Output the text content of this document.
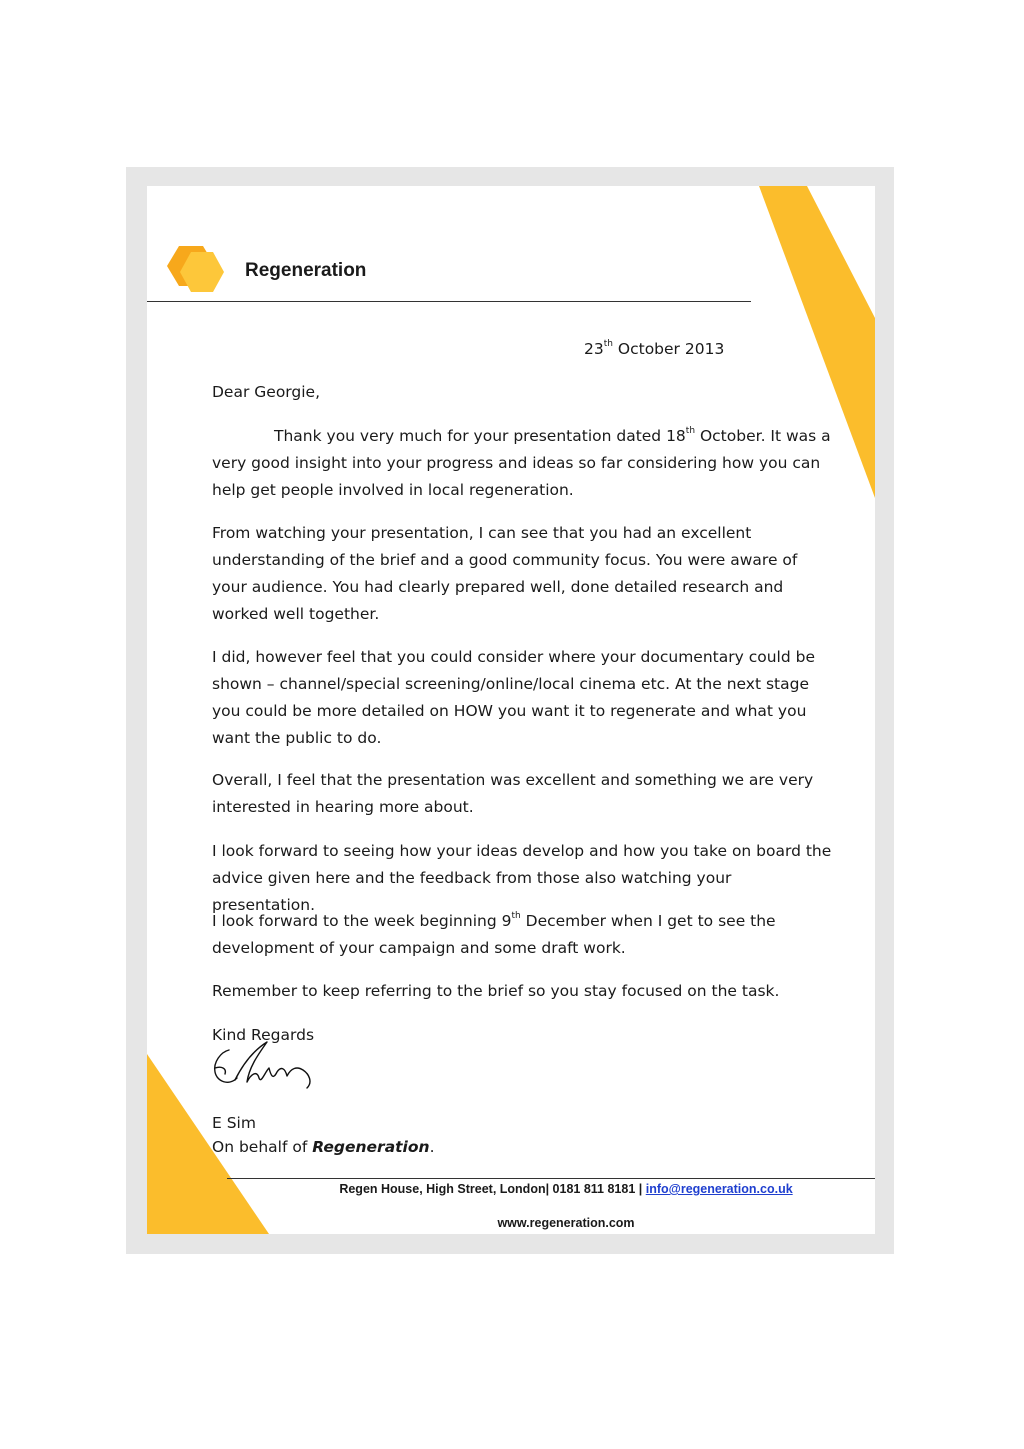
Regeneration
23th October 2013
Dear Georgie,
Thank you very much for your presentation dated 18th October. It was a very good insight into your progress and ideas so far considering how you can help get people involved in local regeneration.
From watching your presentation, I can see that you had an excellent understanding of the brief and a good community focus. You were aware of your audience. You had clearly prepared well, done detailed research and worked well together.
I did, however feel that you could consider where your documentary could be shown – channel/special screening/online/local cinema etc. At the next stage you could be more detailed on HOW you want it to regenerate and what you want the public to do.
Overall, I feel that the presentation was excellent and something we are very interested in hearing more about.
I look forward to seeing how your ideas develop and how you take on board the advice given here and the feedback from those also watching your presentation.
I look forward to the week beginning 9th December when I get to see the development of your campaign and some draft work.
Remember to keep referring to the brief so you stay focused on the task.
Kind Regards
E Sim
On behalf of Regeneration.
Regen House, High Street, London| 0181 811 8181 | info@regeneration.co.uk
www.regeneration.com
